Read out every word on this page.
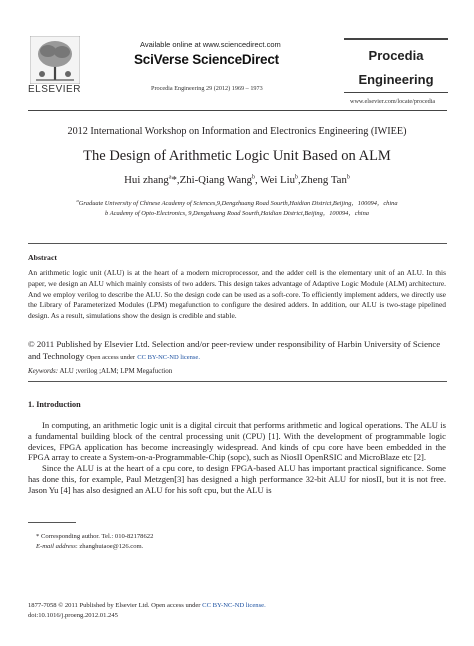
ELSEVIER
Available online at www.sciencedirect.com
SciVerse ScienceDirect
Procedia Engineering 29 (2012) 1969 – 1973
Procedia
Engineering
www.elsevier.com/locate/procedia
2012 International Workshop on Information and Electronics Engineering (IWIEE)
The Design of Arithmetic Logic Unit Based on ALM
Hui zhang$^a$*,Zhi-Qiang Wang$^b$, Wei Liu$^b$,Zheng Tan$^b$
$^a$Graduate University of Chinese Academy of Sciences,9,Dengzhuang Road Sourth,Haidian District,Beijing，100094，china
b Academy of Opto-Electronics, 9,Dengzhuang Road Sourth,Haidian District,Beijing，100094，china
Abstract
An arithmetic logic unit (ALU) is at the heart of a modern microprocessor, and the adder cell is the elementary unit of an ALU. In this paper, we design an ALU which mainly consists of two adders. This design takes advantage of Adaptive Logic Module (ALM) architecture. And we employ verilog to describe the ALU. So the design code can be used as a soft-core. To efficiently implement adders, we directly use the Library of Parameterized Modules (LPM) megafunction to configure the desired adders. In addition, our ALU is two-stage pipelined design. As a result, simulations show the design is credible and stable.
© 2011 Published by Elsevier Ltd. Selection and/or peer-review under responsibility of Harbin University of Science and Technology Open access under CC BY-NC-ND license.
Keywords: ALU ;verilog ;ALM; LPM Megafuction
1. Introduction

In computing, an arithmetic logic unit is a digital circuit that performs arithmetic and logical operations. The ALU is a fundamental building block of the central processing unit (CPU) [1]. With the development of programmable logic devices, FPGA application has become increasingly widespread. And kinds of cpu core have been embedded in the FPGA array to create a System-on-a-Programmable-Chip (sopc), such as NiosII OpenRSIC and MicroBlaze etc [2].

Since the ALU is at the heart of a cpu core, to design FPGA-based ALU has important practical significance. Some has done this, for example, Paul Metzgen[3] has designed a high performance 32-bit ALU for niosII, but it is not free. Jason Yu [4] has also designed an ALU for his soft cpu, but the ALU is

* Corresponding author. Tel.: 010-82178622
E-mail address: zhanghuiaoe@126.com.
1877-7058 © 2011 Published by Elsevier Ltd. Open access under CC BY-NC-ND license.
doi:10.1016/j.proeng.2012.01.245
